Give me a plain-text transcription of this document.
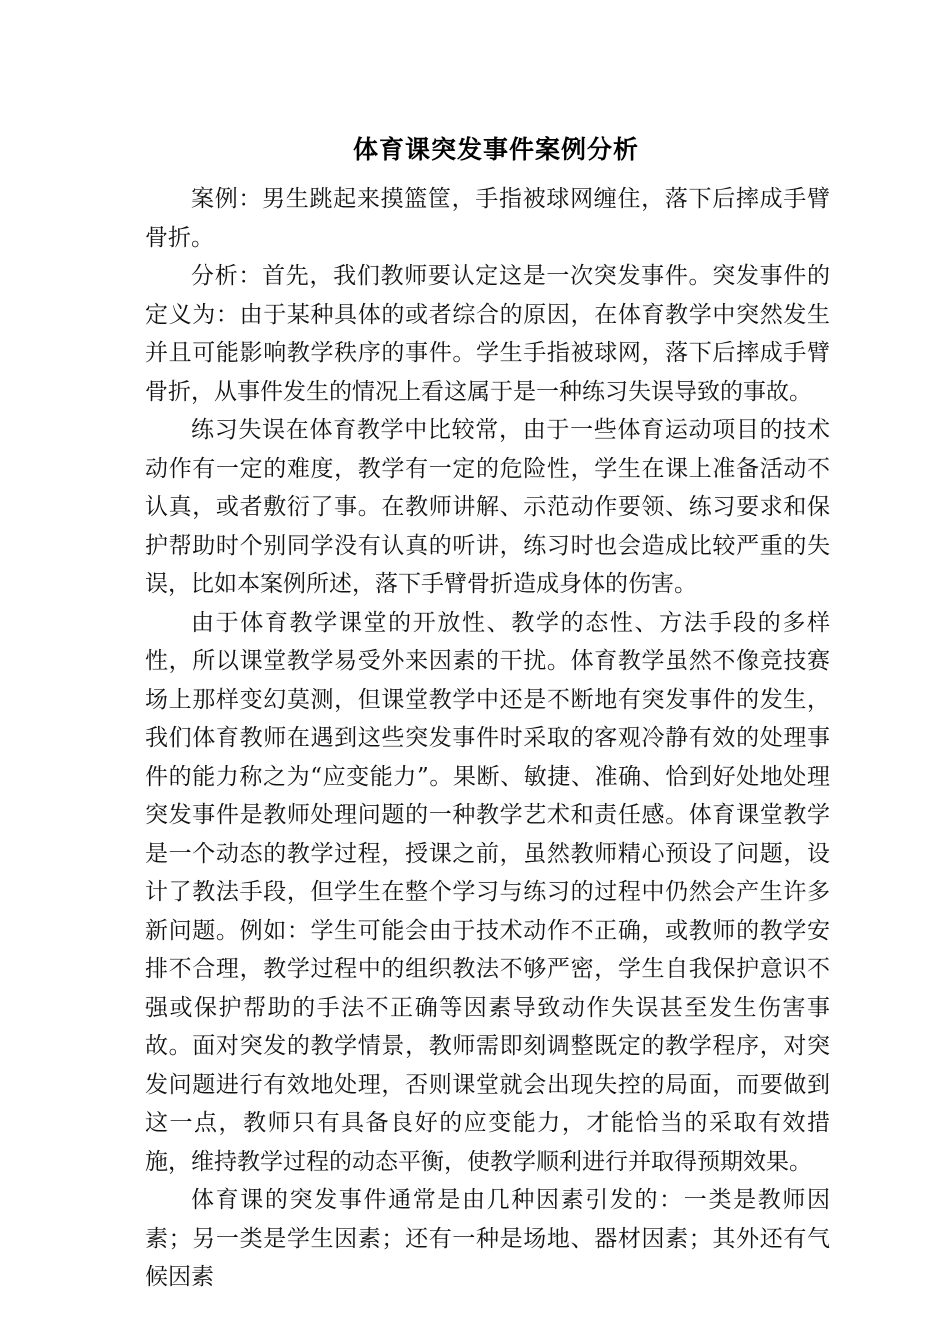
体育课突发事件案例分析

案例：男生跳起来摸篮筐，手指被球网缠住，落下后摔成手臂骨折。

分析：首先，我们教师要认定这是一次突发事件。突发事件的定义为：由于某种具体的或者综合的原因，在体育教学中突然发生并且可能影响教学秩序的事件。学生手指被球网，落下后摔成手臂骨折，从事件发生的情况上看这属于是一种练习失误导致的事故。

练习失误在体育教学中比较常，由于一些体育运动项目的技术动作有一定的难度，教学有一定的危险性，学生在课上准备活动不认真，或者敷衍了事。在教师讲解、示范动作要领、练习要求和保护帮助时个别同学没有认真的听讲，练习时也会造成比较严重的失误，比如本案例所述，落下手臂骨折造成身体的伤害。

由于体育教学课堂的开放性、教学的态性、方法手段的多样性，所以课堂教学易受外来因素的干扰。体育教学虽然不像竞技赛场上那样变幻莫测，但课堂教学中还是不断地有突发事件的发生，我们体育教师在遇到这些突发事件时采取的客观冷静有效的处理事件的能力称之为“应变能力”。果断、敏捷、准确、恰到好处地处理突发事件是教师处理问题的一种教学艺术和责任感。体育课堂教学是一个动态的教学过程，授课之前，虽然教师精心预设了问题，设计了教法手段，但学生在整个学习与练习的过程中仍然会产生许多新问题。例如：学生可能会由于技术动作不正确，或教师的教学安排不合理，教学过程中的组织教法不够严密，学生自我保护意识不强或保护帮助的手法不正确等因素导致动作失误甚至发生伤害事故。面对突发的教学情景，教师需即刻调整既定的教学程序，对突发问题进行有效地处理，否则课堂就会出现失控的局面，而要做到这一点，教师只有具备良好的应变能力，才能恰当的采取有效措施，维持教学过程的动态平衡，使教学顺利进行并取得预期效果。

体育课的突发事件通常是由几种因素引发的：一类是教师因素；另一类是学生因素；还有一种是场地、器材因素；其外还有气候因素
